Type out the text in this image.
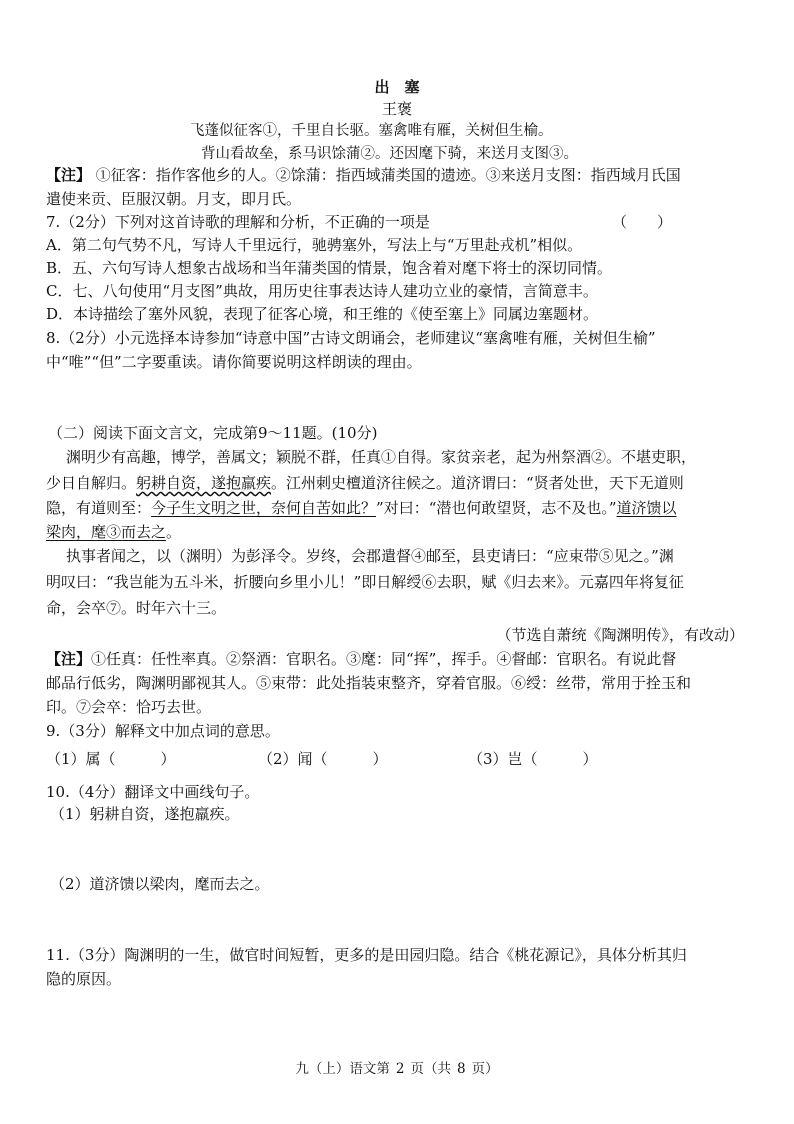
出　塞
王褒
飞蓬似征客①，千里自长驱。塞禽唯有雁，关树但生榆。
背山看故垒，系马识馀蒲②。还因麾下骑，来送月支图③。
【注】 ①征客：指作客他乡的人。②馀蒲：指西域蒲类国的遗迹。③来送月支图：指西域月氏国
遣使来贡、臣服汉朝。月支，即月氏。
7.（2分）下列对这首诗歌的理解和分析，不正确的一项是	（　　）
A．第二句气势不凡，写诗人千里远行，驰骋塞外，写法上与“万里赴戎机”相似。
B．五、六句写诗人想象古战场和当年蒲类国的情景，饱含着对麾下将士的深切同情。
C．七、八句使用“月支图”典故，用历史往事表达诗人建功立业的豪情，言简意丰。
D．本诗描绘了塞外风貌，表现了征客心境，和王维的《使至塞上》同属边塞题材。
8.（2分）小元选择本诗参加“诗意中国”古诗文朗诵会，老师建议“塞禽唯有雁，关树但生榆”
中“唯”“但”二字要重读。请你简要说明这样朗读的理由。
（二）阅读下面文言文，完成第9～11题。(10分)
渊明少有高趣，博学，善属文；颖脱不群，任真①自得。家贫亲老，起为州祭酒②。不堪吏职，
少日自解归。躬耕自资，遂抱羸疾。江州刺史檀道济往候之。道济谓曰：“贤者处世，天下无道则
隐，有道则至：今子生文明之世，奈何自苦如此？”对曰：“潜也何敢望贤，志不及也。”道济馈以
梁肉，麾③而去之。
执事者闻之，以（渊明）为彭泽令。岁终，会郡遣督④邮至，县吏请曰：“应束带⑤见之。”渊
明叹曰：“我岂能为五斗米，折腰向乡里小儿！”即日解绶⑥去职，赋《归去来》。元嘉四年将复征
命，会卒⑦。时年六十三。
（节选自萧统《陶渊明传》，有改动）
【注】①任真：任性率真。②祭酒：官职名。③麾：同“挥”，挥手。④督邮：官职名。有说此督
邮品行低劣，陶渊明鄙视其人。⑤束带：此处指装束整齐，穿着官服。⑥绶：丝带，常用于拴玉和
印。⑦会卒：恰巧去世。
9.（3分）解释文中加点词的意思。
（1）属（　　　）	（2）闻（　　　）	（3）岂（　　　）
10.（4分）翻译文中画线句子。
（1）躬耕自资，遂抱羸疾。
（2）道济馈以梁肉，麾而去之。
11.（3分）陶渊明的一生，做官时间短暂，更多的是田园归隐。结合《桃花源记》，具体分析其归
隐的原因。
九（上）语文第 2 页（共 8 页）
